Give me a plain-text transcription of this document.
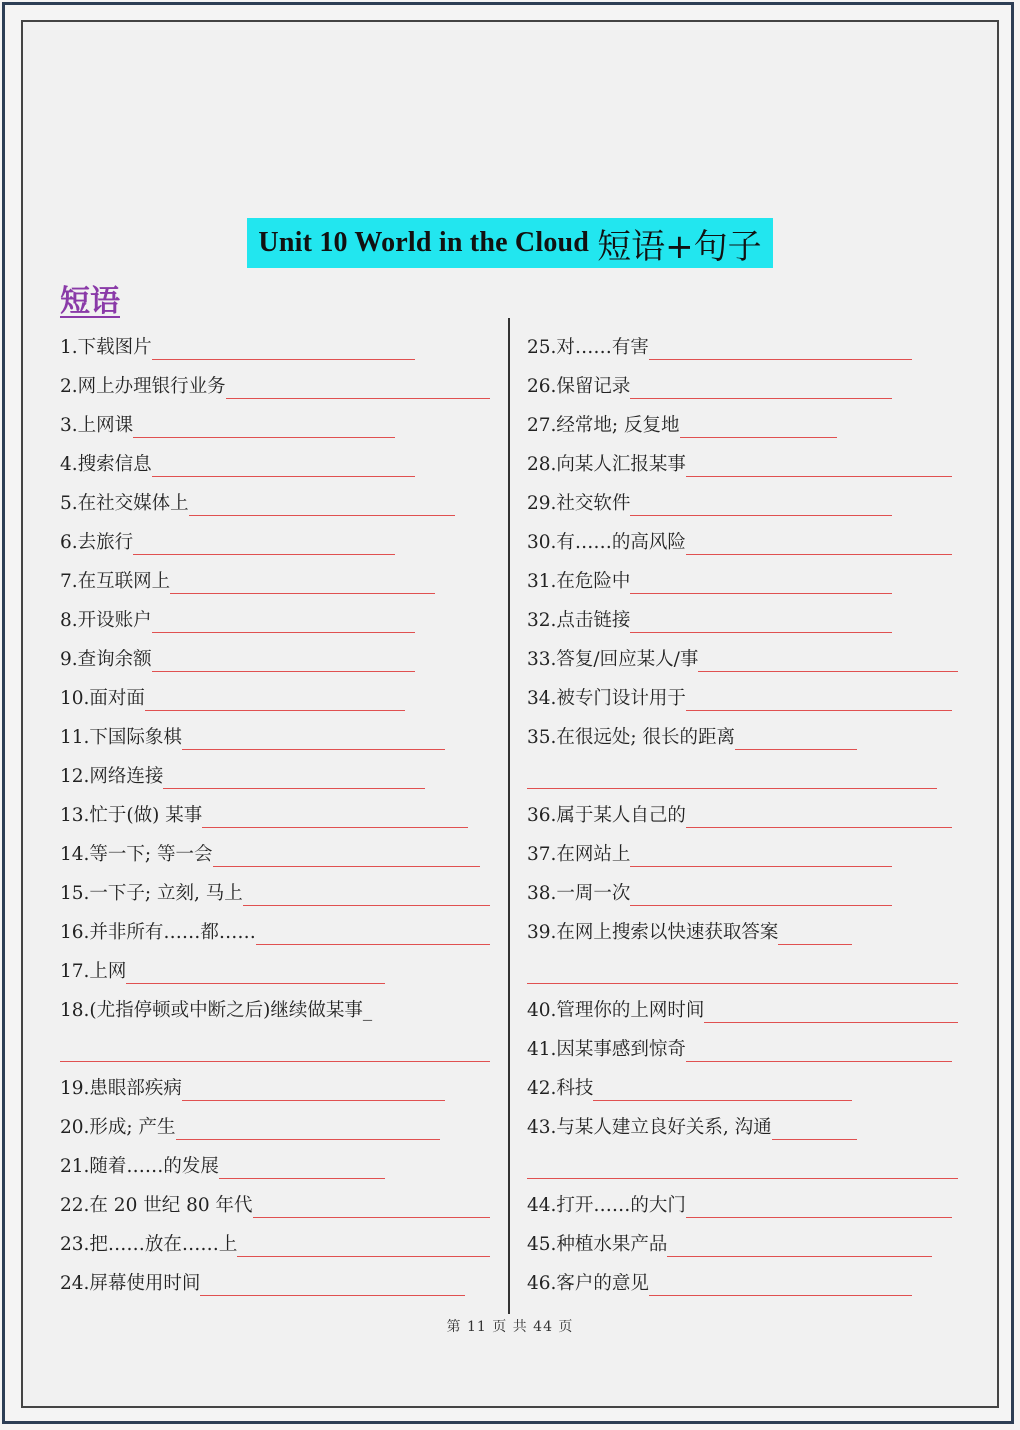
Unit 10 World in the Cloud 短语+句子
短语
1.下载图片
2.网上办理银行业务
3.上网课
4.搜索信息
5.在社交媒体上
6.去旅行
7.在互联网上
8.开设账户
9.查询余额
10.面对面
11.下国际象棋
12.网络连接
13.忙于(做) 某事
14.等一下; 等一会
15.一下子; 立刻, 马上
16.并非所有……都……
17.上网
18.(尤指停顿或中断之后)继续做某事_
19.患眼部疾病
20.形成; 产生
21.随着……的发展
22.在 20 世纪 80 年代
23.把……放在……上
24.屏幕使用时间
25.对……有害
26.保留记录
27.经常地; 反复地
28.向某人汇报某事
29.社交软件
30.有……的高风险
31.在危险中
32.点击链接
33.答复/回应某人/事
34.被专门设计用于
35.在很远处; 很长的距离
36.属于某人自己的
37.在网站上
38.一周一次
39.在网上搜索以快速获取答案
40.管理你的上网时间
41.因某事感到惊奇
42.科技
43.与某人建立良好关系, 沟通
44.打开……的大门
45.种植水果产品
46.客户的意见
第 11 页 共 44 页
